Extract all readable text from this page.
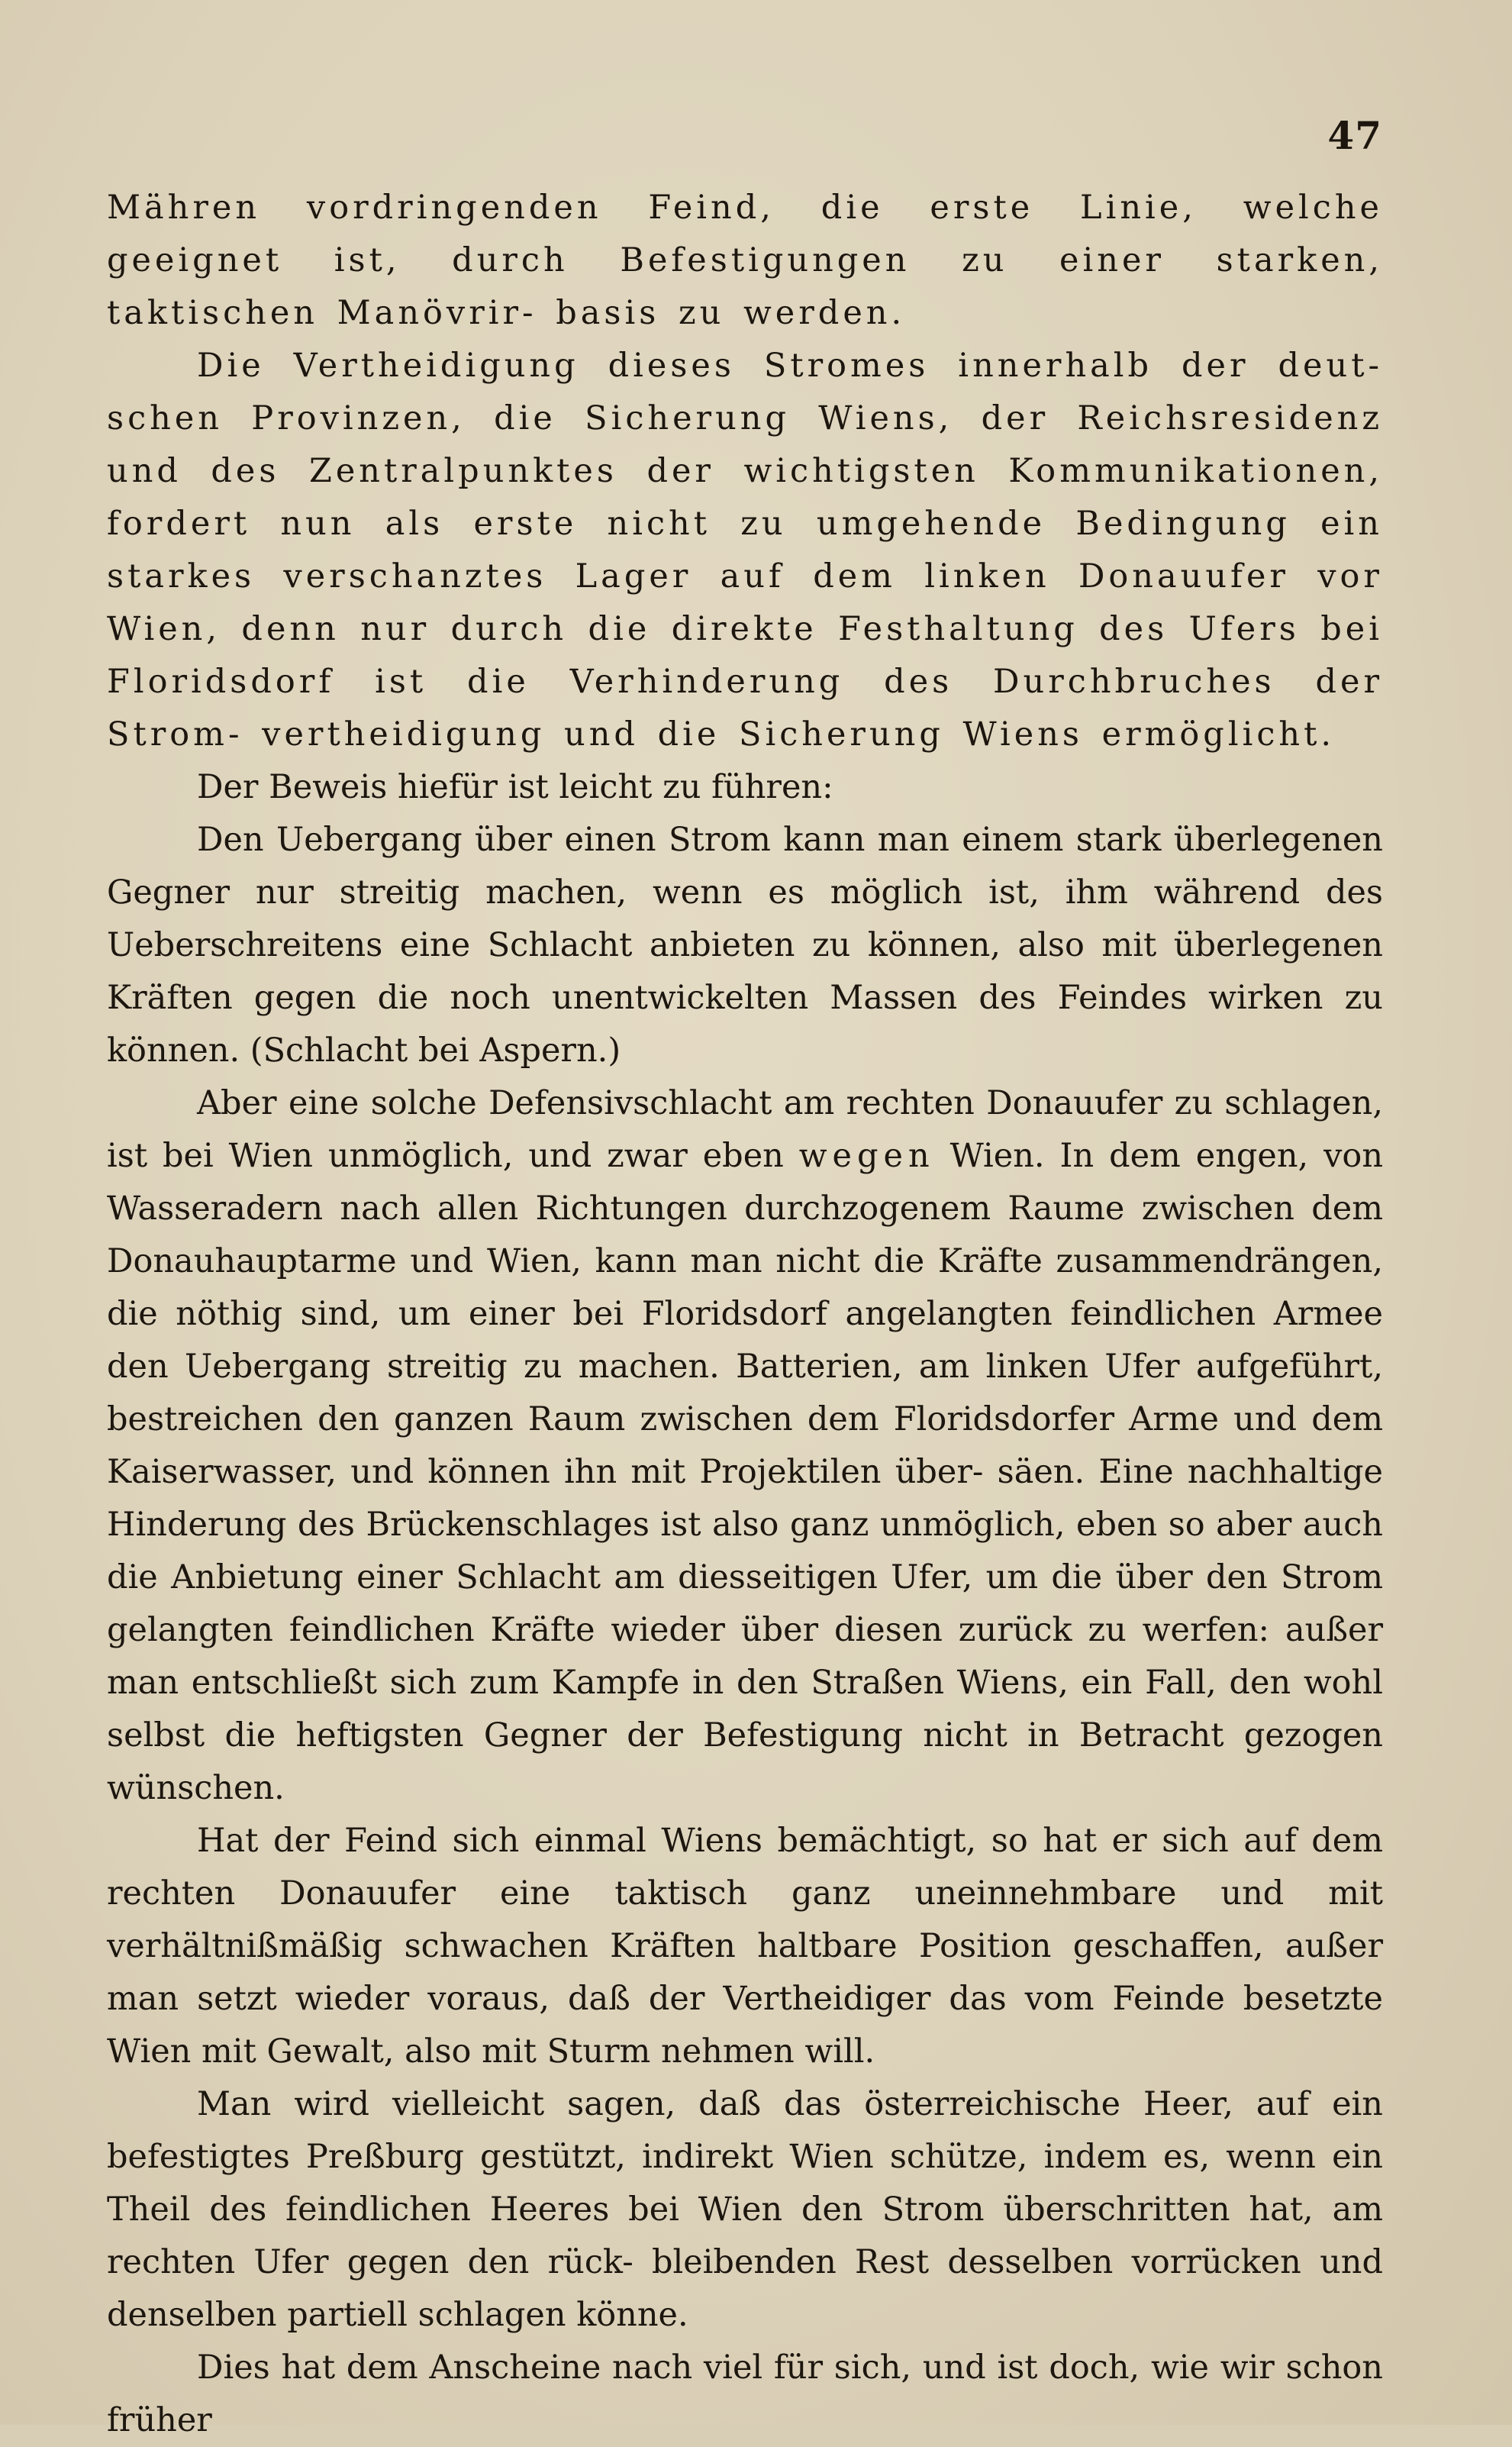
47

Mähren vordringenden Feind, die erste Linie, welche geeignet ist, durch Befestigungen zu einer starken, taktischen Manövrir- basis zu werden.

Die Vertheidigung dieses Stromes innerhalb der deut- schen Provinzen, die Sicherung Wiens, der Reichsresidenz und des Zentralpunktes der wichtigsten Kommunikationen, fordert nun als erste nicht zu umgehende Bedingung ein starkes verschanztes Lager auf dem linken Donauufer vor Wien, denn nur durch die direkte Festhaltung des Ufers bei Floridsdorf ist die Verhinderung des Durchbruches der Strom- vertheidigung und die Sicherung Wiens ermöglicht.

Der Beweis hiefür ist leicht zu führen:

Den Uebergang über einen Strom kann man einem stark überlegenen Gegner nur streitig machen, wenn es möglich ist, ihm während des Ueberschreitens eine Schlacht anbieten zu können, also mit überlegenen Kräften gegen die noch unentwickelten Massen des Feindes wirken zu können. (Schlacht bei Aspern.)

Aber eine solche Defensivschlacht am rechten Donauufer zu schlagen, ist bei Wien unmöglich, und zwar eben wegen Wien. In dem engen, von Wasseradern nach allen Richtungen durchzogenem Raume zwischen dem Donauhauptarme und Wien, kann man nicht die Kräfte zusammendrängen, die nöthig sind, um einer bei Floridsdorf angelangten feindlichen Armee den Uebergang streitig zu machen. Batterien, am linken Ufer aufgeführt, bestreichen den ganzen Raum zwischen dem Floridsdorfer Arme und dem Kaiserwasser, und können ihn mit Projektilen über- säen. Eine nachhaltige Hinderung des Brückenschlages ist also ganz unmöglich, eben so aber auch die Anbietung einer Schlacht am diesseitigen Ufer, um die über den Strom gelangten feindlichen Kräfte wieder über diesen zurück zu werfen: außer man entschließt sich zum Kampfe in den Straßen Wiens, ein Fall, den wohl selbst die heftigsten Gegner der Befestigung nicht in Betracht gezogen wünschen.

Hat der Feind sich einmal Wiens bemächtigt, so hat er sich auf dem rechten Donauufer eine taktisch ganz uneinnehmbare und mit verhältnißmäßig schwachen Kräften haltbare Position geschaffen, außer man setzt wieder voraus, daß der Vertheidiger das vom Feinde besetzte Wien mit Gewalt, also mit Sturm nehmen will.

Man wird vielleicht sagen, daß das österreichische Heer, auf ein befestigtes Preßburg gestützt, indirekt Wien schütze, indem es, wenn ein Theil des feindlichen Heeres bei Wien den Strom überschritten hat, am rechten Ufer gegen den rück- bleibenden Rest desselben vorrücken und denselben partiell schlagen könne.

Dies hat dem Anscheine nach viel für sich, und ist doch, wie wir schon früher
